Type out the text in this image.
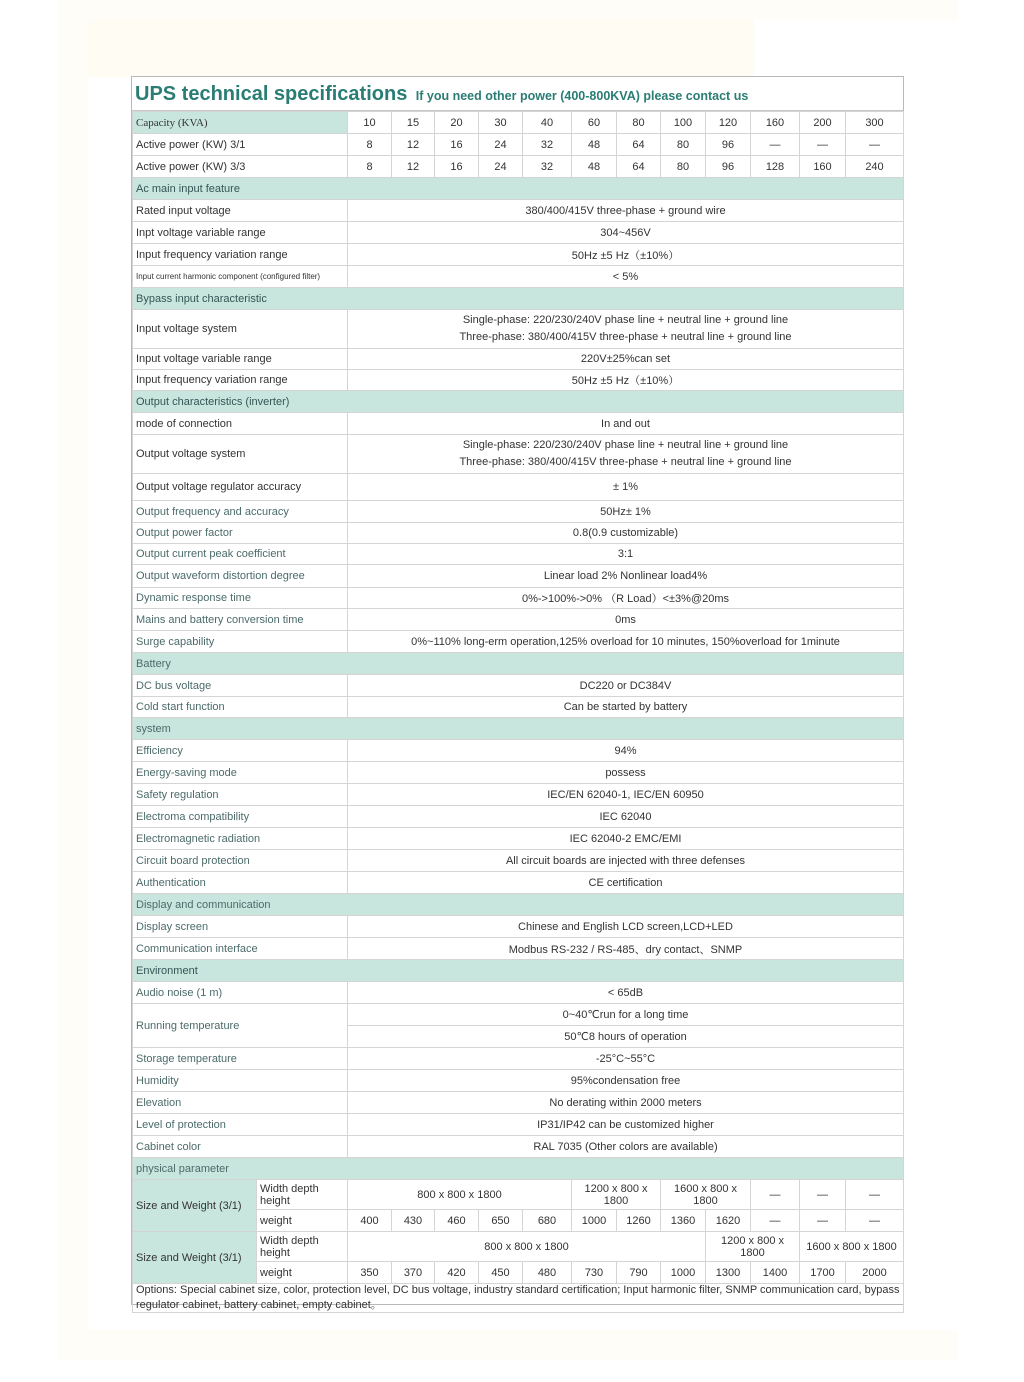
UPS technical specifications If you need other power (400-800KVA) please contact us
Capacity (KVA)		10	15	20	30	40	60	80	100	120	160	200	300
Active power (KW) 3/1		8	12	16	24	32	48	64	80	96	—	—	—
Active power (KW) 3/3		8	12	16	24	32	48	64	80	96	128	160	240
Ac main input feature													
Rated input voltage		380/400/415V three-phase + ground wire											
Inpt voltage variable range		304~456V											
Input frequency variation range		50Hz ±5 Hz（±10%）											
Input current harmonic component (configured filter)		< 5%											
Bypass input characteristic													
Input voltage system		Single-phase: 220/230/240V phase line + neutral line + ground line
Three-phase: 380/400/415V three-phase + neutral line + ground line											

Input voltage variable range		220V±25%can set											
Input frequency variation range		50Hz ±5 Hz（±10%）											
Output characteristics (inverter)													
mode of connection		In and out											
Output voltage system		Single-phase: 220/230/240V phase line + neutral line + ground line
Three-phase: 380/400/415V three-phase + neutral line + ground line											

Output voltage regulator accuracy		± 1%											
Output frequency and accuracy		50Hz± 1%											
Output power factor		0.8(0.9 customizable)											
Output current peak coefficient		3:1											
Output waveform distortion degree		Linear load 2% Nonlinear load4%											
Dynamic response time		0%->100%->0% （R Load）<±3%@20ms											
Mains and battery conversion time		0ms											
Surge capability		0%~110% long-erm operation,125% overload for 10 minutes, 150%overload for 1minute											
Battery													
DC bus voltage		DC220 or DC384V											
Cold start function		Can be started by battery											
system													
Efficiency		94%											
Energy-saving mode		possess											
Safety regulation		IEC/EN 62040-1, IEC/EN 60950											
Electroma compatibility		IEC 62040											
Electromagnetic radiation		IEC 62040-2 EMC/EMI											
Circuit board protection		All circuit boards are injected with three defenses											
Authentication		CE certification											
Display and communication													
Display screen		Chinese and English LCD screen,LCD+LED											
Communication interface		Modbus RS-232 / RS-485、dry contact、SNMP											
Environment													
Audio noise (1 m)		< 65dB											
Running temperature		0~40℃run for a long time											
		50℃8 hours of operation											
Storage temperature		-25°C~55°C											
Humidity		95%condensation free											
Elevation		No derating within 2000 meters											
Level of protection		IP31/IP42 can be customized higher											
Cabinet color		RAL 7035 (Other colors are available)											
physical parameter													
Size and Weight (3/1)	Width depth height	800 x 800 x 1800					1200 x 800 x 1800		1600 x 800 x 1800		—	—	—
	weight	400	430	460	650	680	1000	1260	1360	1620	—	—	—
Size and Weight (3/1)	Width depth height	800 x 800 x 1800								1200 x 800 x 1800		1600 x 800 x 1800	
	weight	350	370	420	450	480	730	790	1000	1300	1400	1700	2000
Options: Special cabinet size, color, protection level, DC bus voltage, industry standard certification; Input harmonic filter, SNMP communication card, bypass regulator cabinet, battery cabinet, empty cabinet。													
